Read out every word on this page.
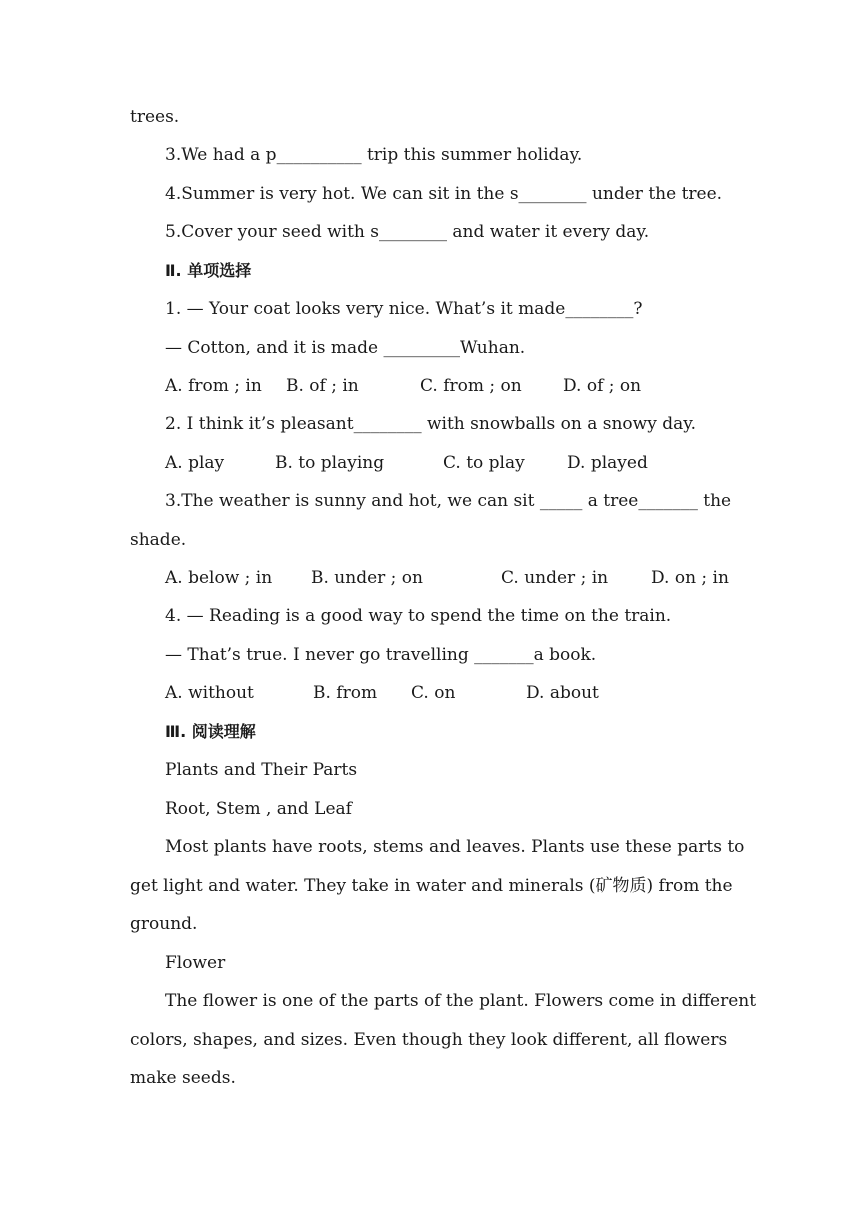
trees.
3.We had a p__________ trip this summer holiday.
4.Summer is very hot. We can sit in the s________ under the tree.
5.Cover your seed with s________ and water it every day.
Ⅱ. 单项选择
1. — Your coat looks very nice. What’s it made________?
— Cotton, and it is made _________Wuhan.
A. from ; in B. of ; in	C. from ; on D. of ; on
2. I think it’s pleasant________ with snowballs on a snowy day.
A. play	B. to playing	C. to play D. played
3.The weather is sunny and hot, we can sit _____ a tree_______ the
shade.
A. below ; in B. under ; on	C. under ; in	D. on ; in
4. — Reading is a good way to spend the time on the train.
— That’s true. I never go travelling _______a book.
A. without	B. from C. on	D. about
Ⅲ. 阅读理解
Plants and Their Parts
Root, Stem , and Leaf
Most plants have roots, stems and leaves. Plants use these parts to
get light and water. They take in water and minerals (矿物质) from the
ground.
Flower
The flower is one of the parts of the plant. Flowers come in different
colors, shapes, and sizes. Even though they look different, all flowers
make seeds.
